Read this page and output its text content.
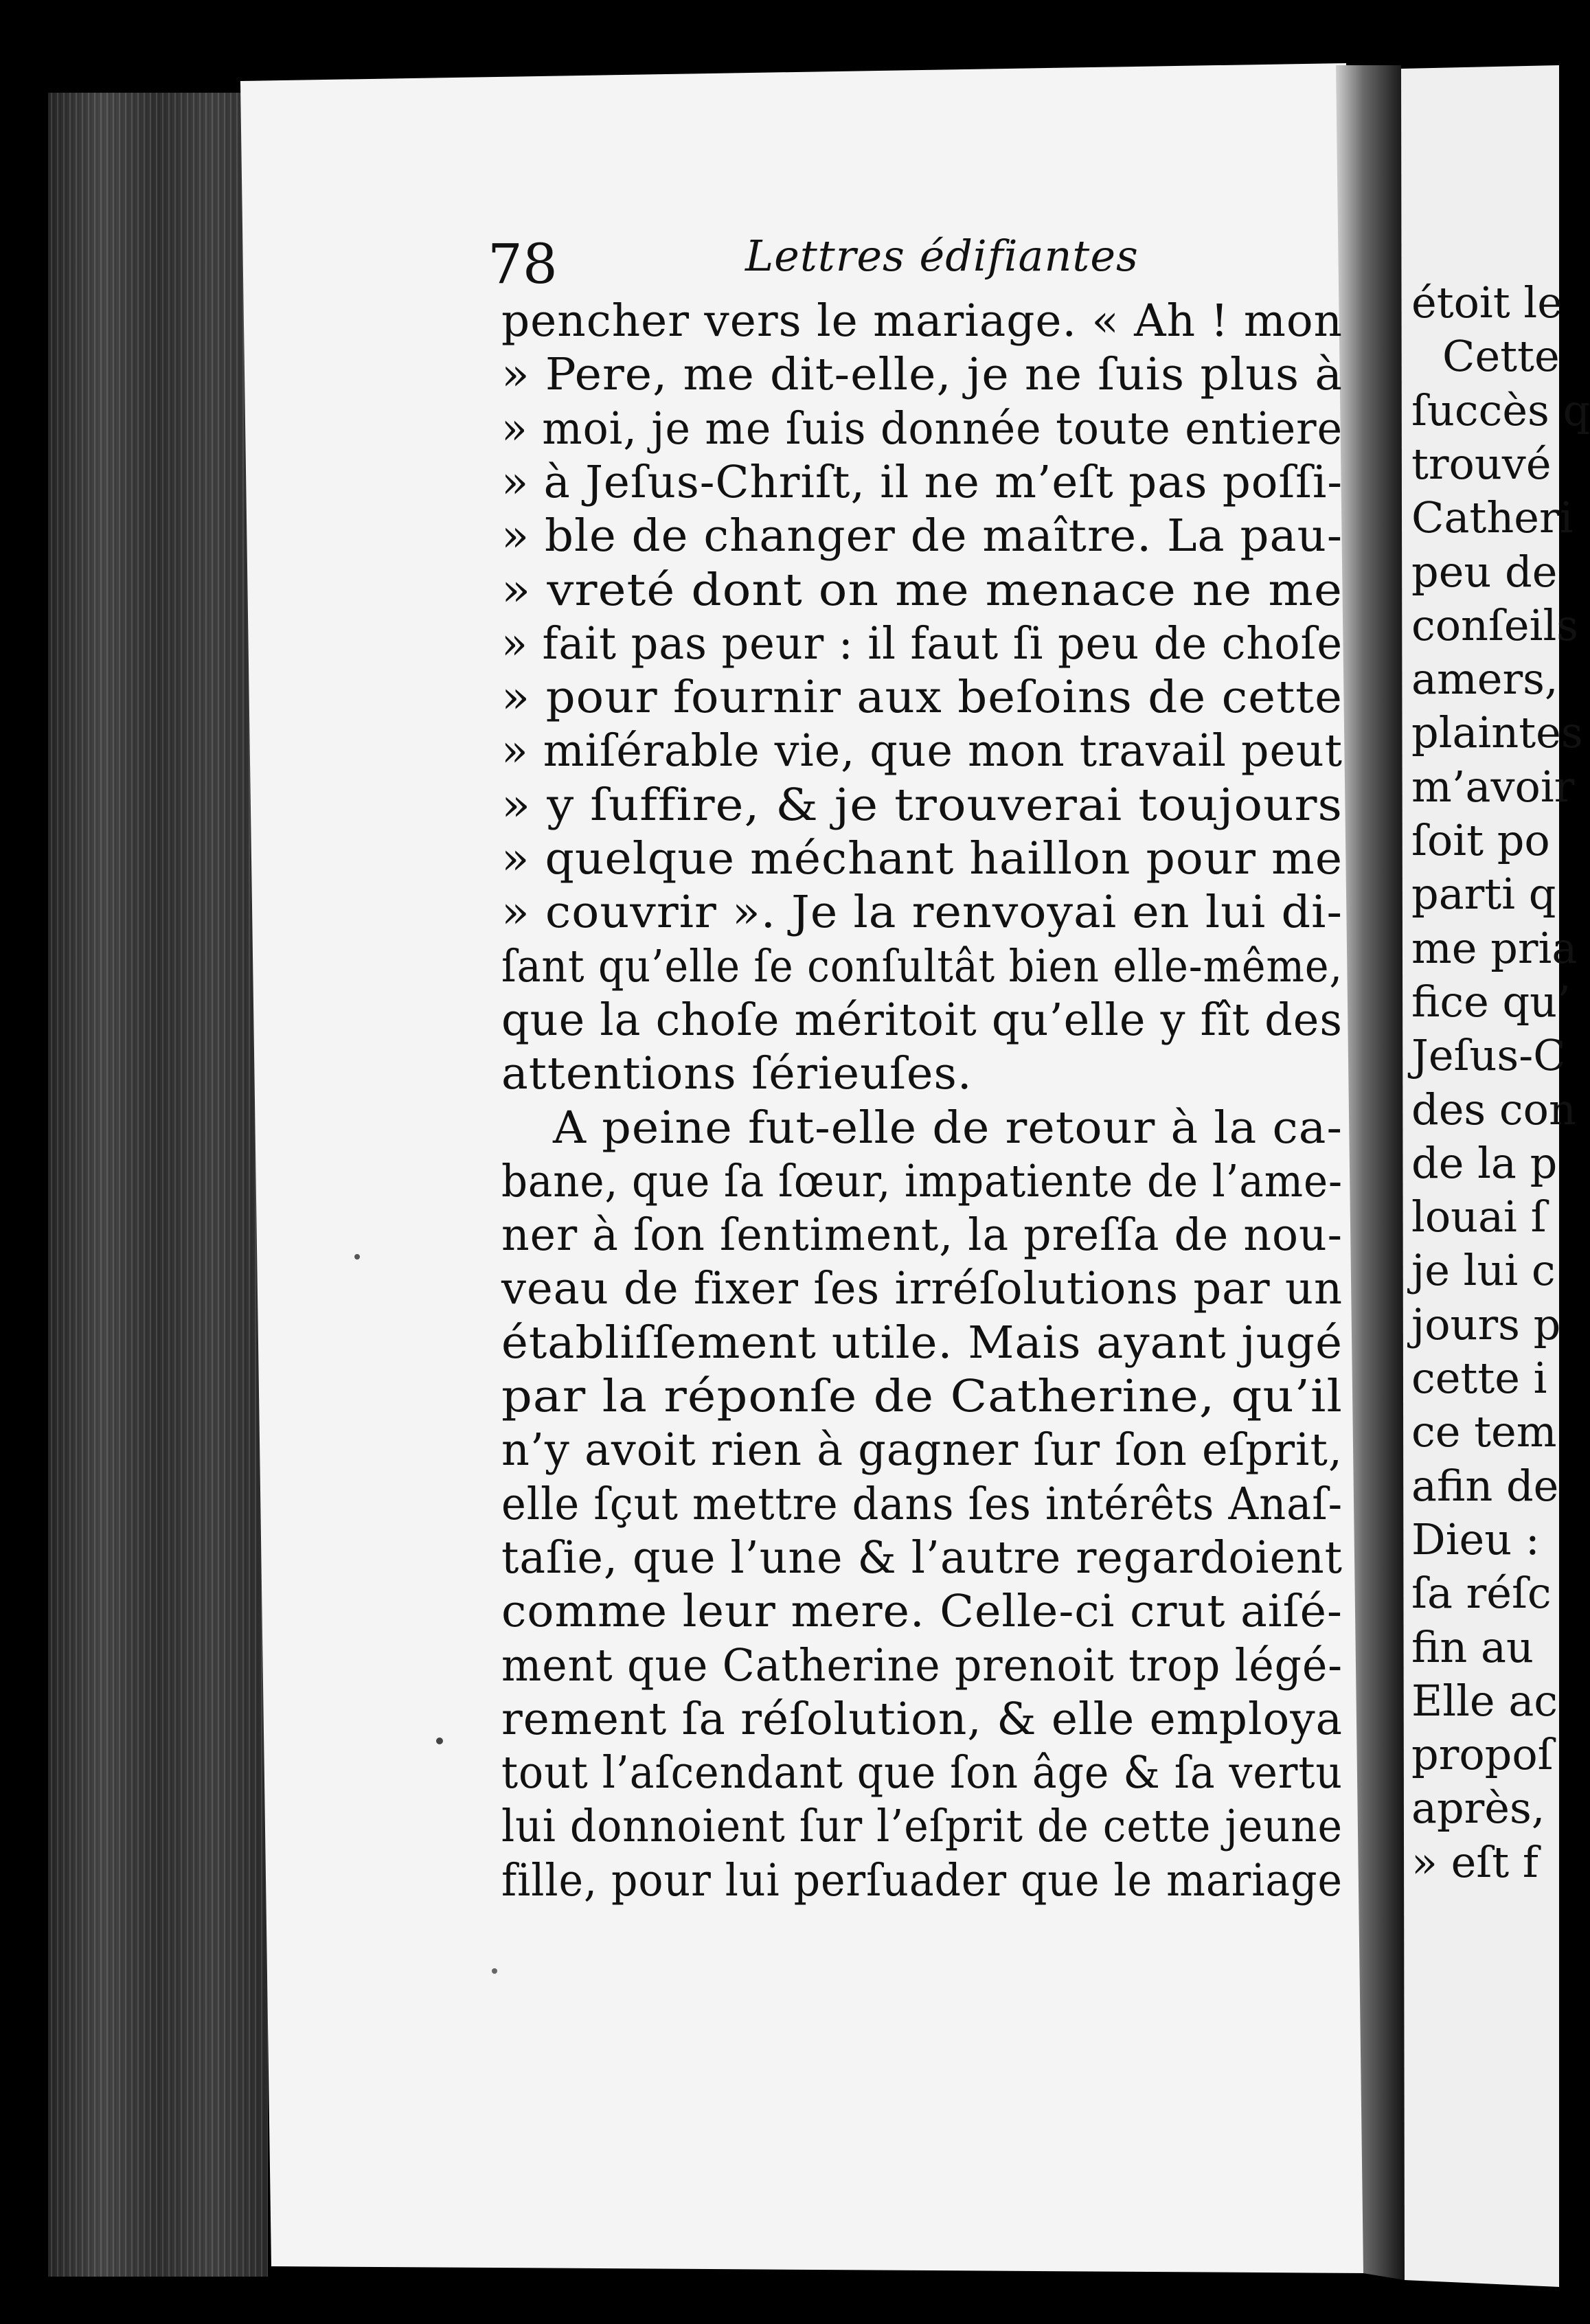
78	Lettres édifiantes
pencher vers le mariage. « Ah ! mon
» Pere, me dit-elle, je ne ſuis plus à
» moi, je me ſuis donnée toute entiere
» à Jeſus-Chriſt, il ne m’eſt pas poſſi-
» ble de changer de maître. La pau-
» vreté dont on me menace ne me
» fait pas peur : il faut ſi peu de choſe
» pour fournir aux beſoins de cette
» miſérable vie, que mon travail peut
» y ſuffire, & je trouverai toujours
» quelque méchant haillon pour me
» couvrir ». Je la renvoyai en lui di-
ſant qu’elle ſe conſultât bien elle-même,
que la choſe méritoit qu’elle y fît des
attentions ſérieuſes.
A peine fut-elle de retour à la ca-
bane, que ſa ſœur, impatiente de l’ame-
ner à ſon ſentiment, la preſſa de nou-
veau de fixer ſes irréſolutions par un
établiſſement utile. Mais ayant jugé
par la réponſe de Catherine, qu’il
n’y avoit rien à gagner ſur ſon eſprit,
elle ſçut mettre dans ſes intérêts Anaſ-
taſie, que l’une & l’autre regardoient
comme leur mere. Celle-ci crut aiſé-
ment que Catherine prenoit trop légé-
rement ſa réſolution, & elle employa
tout l’aſcendant que ſon âge & ſa vertu
lui donnoient ſur l’eſprit de cette jeune
fille, pour lui perſuader que le mariage
étoit le
Cette
ſuccès q
trouvé
Catheri
peu de
conſeils
amers,
plaintes
m’avoir
ſoit po
parti q
me pria
fice qu’
Jeſus-C
des con
de la p
louai ſ
je lui c
jours p
cette i
ce tem
afin de
Dieu :
ſa réſc
fin au
Elle ac
propoſ
après,
» eſt f
